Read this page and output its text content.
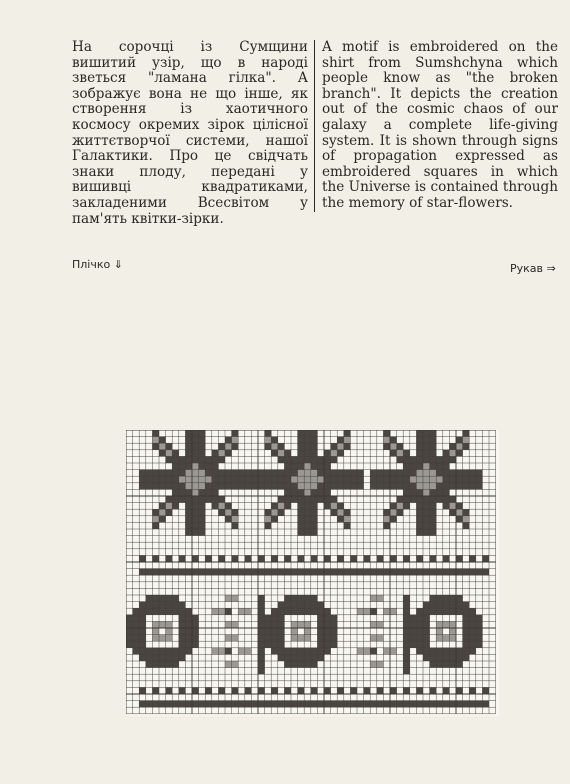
На сорочці із Сумщини вишитий узір, що в народі зветься "ламана гілка". А зображує вона не що інше, як створення із хаотичного космосу окремих зірок цілісної життєтворчої системи, нашої Галактики. Про це свідчать знаки плоду, передані у вишивці квадратиками, закладеними Всесвітом у пам'ять квітки-зірки.
A motif is embroidered on the shirt from Sumshchyna which people know as "the broken branch". It depicts the creation out of the cosmic chaos of our galaxy a complete life-giving system. It is shown through signs of propagation expressed as embroidered squares in which the Universe is contained through the memory of star-flowers.
Плічко ⇓	Рукав ⇒
